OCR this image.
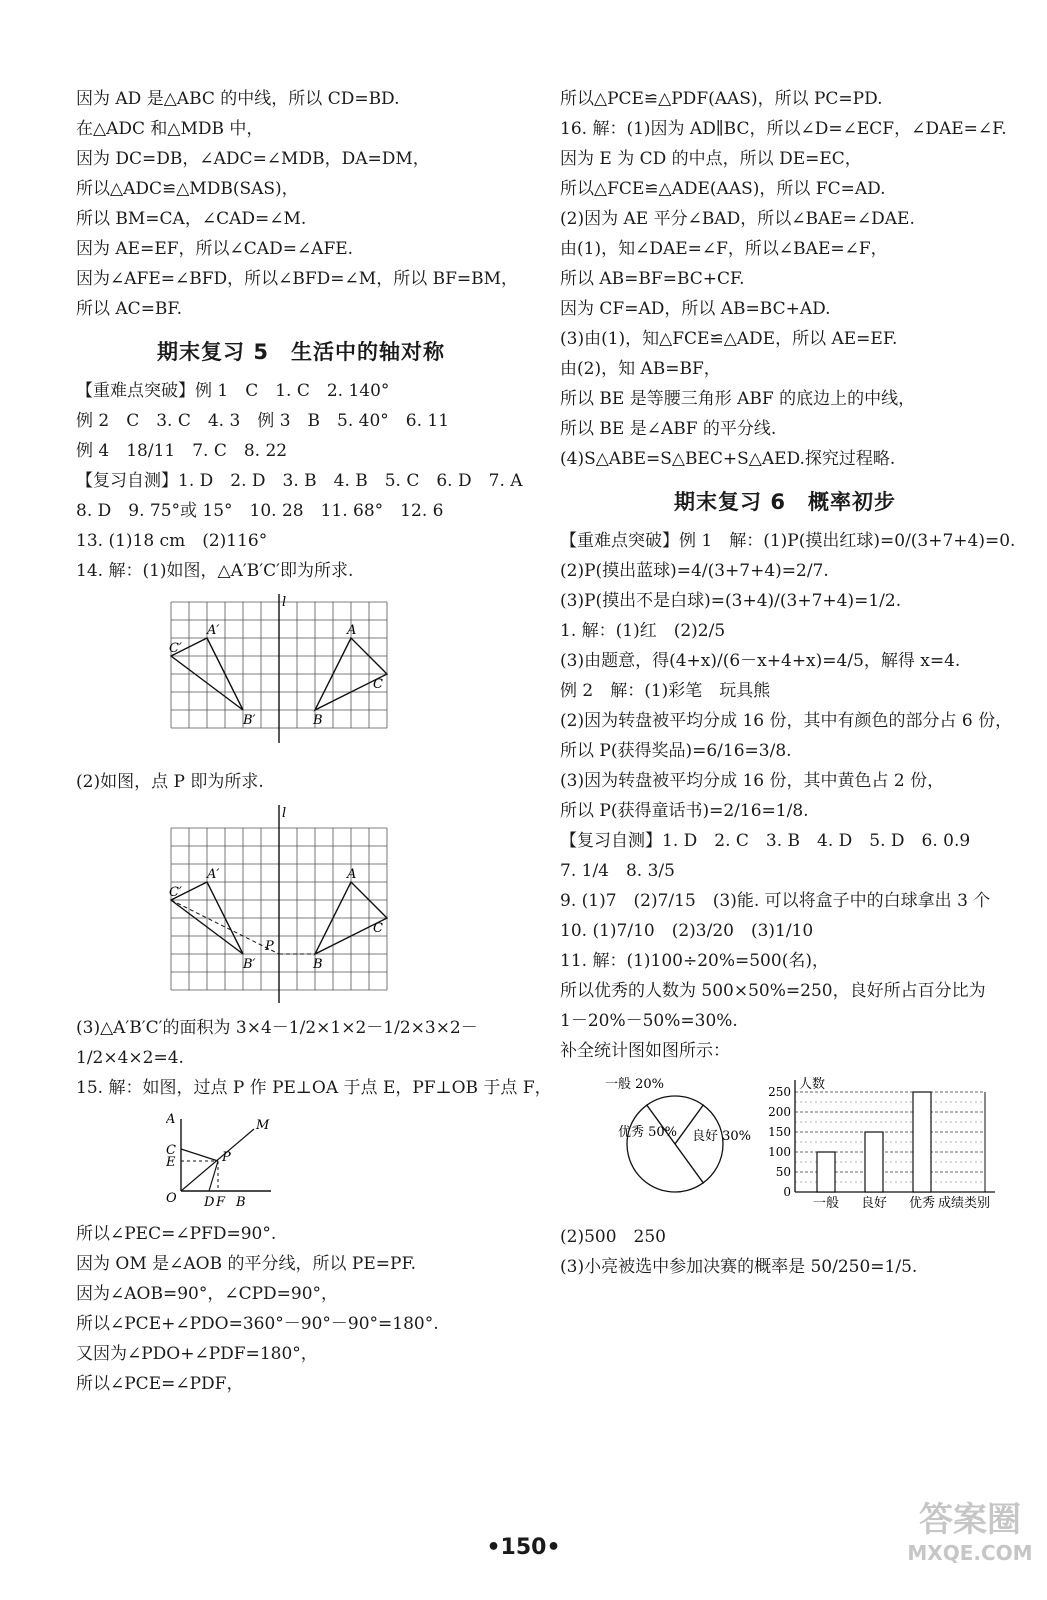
因为 AD 是△ABC 的中线，所以 CD=BD.
在△ADC 和△MDB 中，
因为 DC=DB，∠ADC=∠MDB，DA=DM，
所以△ADC≌△MDB(SAS)，
所以 BM=CA，∠CAD=∠M.
因为 AE=EF，所以∠CAD=∠AFE.
因为∠AFE=∠BFD，所以∠BFD=∠M，所以 BF=BM，
所以 AC=BF.
期末复习 5　生活中的轴对称
【重难点突破】例 1　C　1. C　2. 140°
例 2　C　3. C　4. 3　例 3　B　5. 40°　6. 11
例 4　18/11　7. C　8. 22
【复习自测】1. D　2. D　3. B　4. B　5. C　6. D　7. A
8. D　9. 75°或 15°　10. 28　11. 68°　12. 6
13. (1)18 cm　(2)116°
14. 解：(1)如图，△A′B′C′即为所求.
l
A′
C′
B′
A
C
B
(2)如图，点 P 即为所求.
l
A′
C′
B′
A
C
B
P
(3)△A′B′C′的面积为 3×4－1/2×1×2－1/2×3×2－
1/2×4×2=4.
15. 解：如图，过点 P 作 PE⊥OA 于点 E，PF⊥OB 于点 F，
A
C
E
O D F B
M
P
所以∠PEC=∠PFD=90°.
因为 OM 是∠AOB 的平分线，所以 PE=PF.
因为∠AOB=90°，∠CPD=90°，
所以∠PCE+∠PDO=360°－90°－90°=180°.
又因为∠PDO+∠PDF=180°，
所以∠PCE=∠PDF，
所以△PCE≌△PDF(AAS)，所以 PC=PD.
16. 解：(1)因为 AD∥BC，所以∠D=∠ECF，∠DAE=∠F.
因为 E 为 CD 的中点，所以 DE=EC，
所以△FCE≌△ADE(AAS)，所以 FC=AD.
(2)因为 AE 平分∠BAD，所以∠BAE=∠DAE.
由(1)，知∠DAE=∠F，所以∠BAE=∠F，
所以 AB=BF=BC+CF.
因为 CF=AD，所以 AB=BC+AD.
(3)由(1)，知△FCE≌△ADE，所以 AE=EF.
由(2)，知 AB=BF，
所以 BE 是等腰三角形 ABF 的底边上的中线，
所以 BE 是∠ABF 的平分线.
(4)S△ABE=S△BEC+S△AED.探究过程略.
期末复习 6　概率初步
【重难点突破】例 1　解：(1)P(摸出红球)=0/(3+7+4)=0.
(2)P(摸出蓝球)=4/(3+7+4)=2/7.
(3)P(摸出不是白球)=(3+4)/(3+7+4)=1/2.
1. 解：(1)红　(2)2/5
(3)由题意，得(4+x)/(6－x+4+x)=4/5，解得 x=4.
例 2　解：(1)彩笔　玩具熊
(2)因为转盘被平均分成 16 份，其中有颜色的部分占 6 份，
所以 P(获得奖品)=6/16=3/8.
(3)因为转盘被平均分成 16 份，其中黄色占 2 份，
所以 P(获得童话书)=2/16=1/8.
【复习自测】1. D　2. C　3. B　4. D　5. D　6. 0.9
7. 1/4　8. 3/5
9. (1)7　(2)7/15　(3)能. 可以将盒子中的白球拿出 3 个
10. (1)7/10　(2)3/20　(3)1/10
11. 解：(1)100÷20%=500(名)，
所以优秀的人数为 500×50%=250，良好所占百分比为
1－20%－50%=30%.
补全统计图如图所示：
一般 20%
良好 30%
优秀 50%
0
50
100
150
200
250 人数
一般 良好 优秀 成绩类别
(2)500　250
(3)小亮被选中参加决赛的概率是 50/250=1/5.
•150•
答案圈
MXQE.COM
